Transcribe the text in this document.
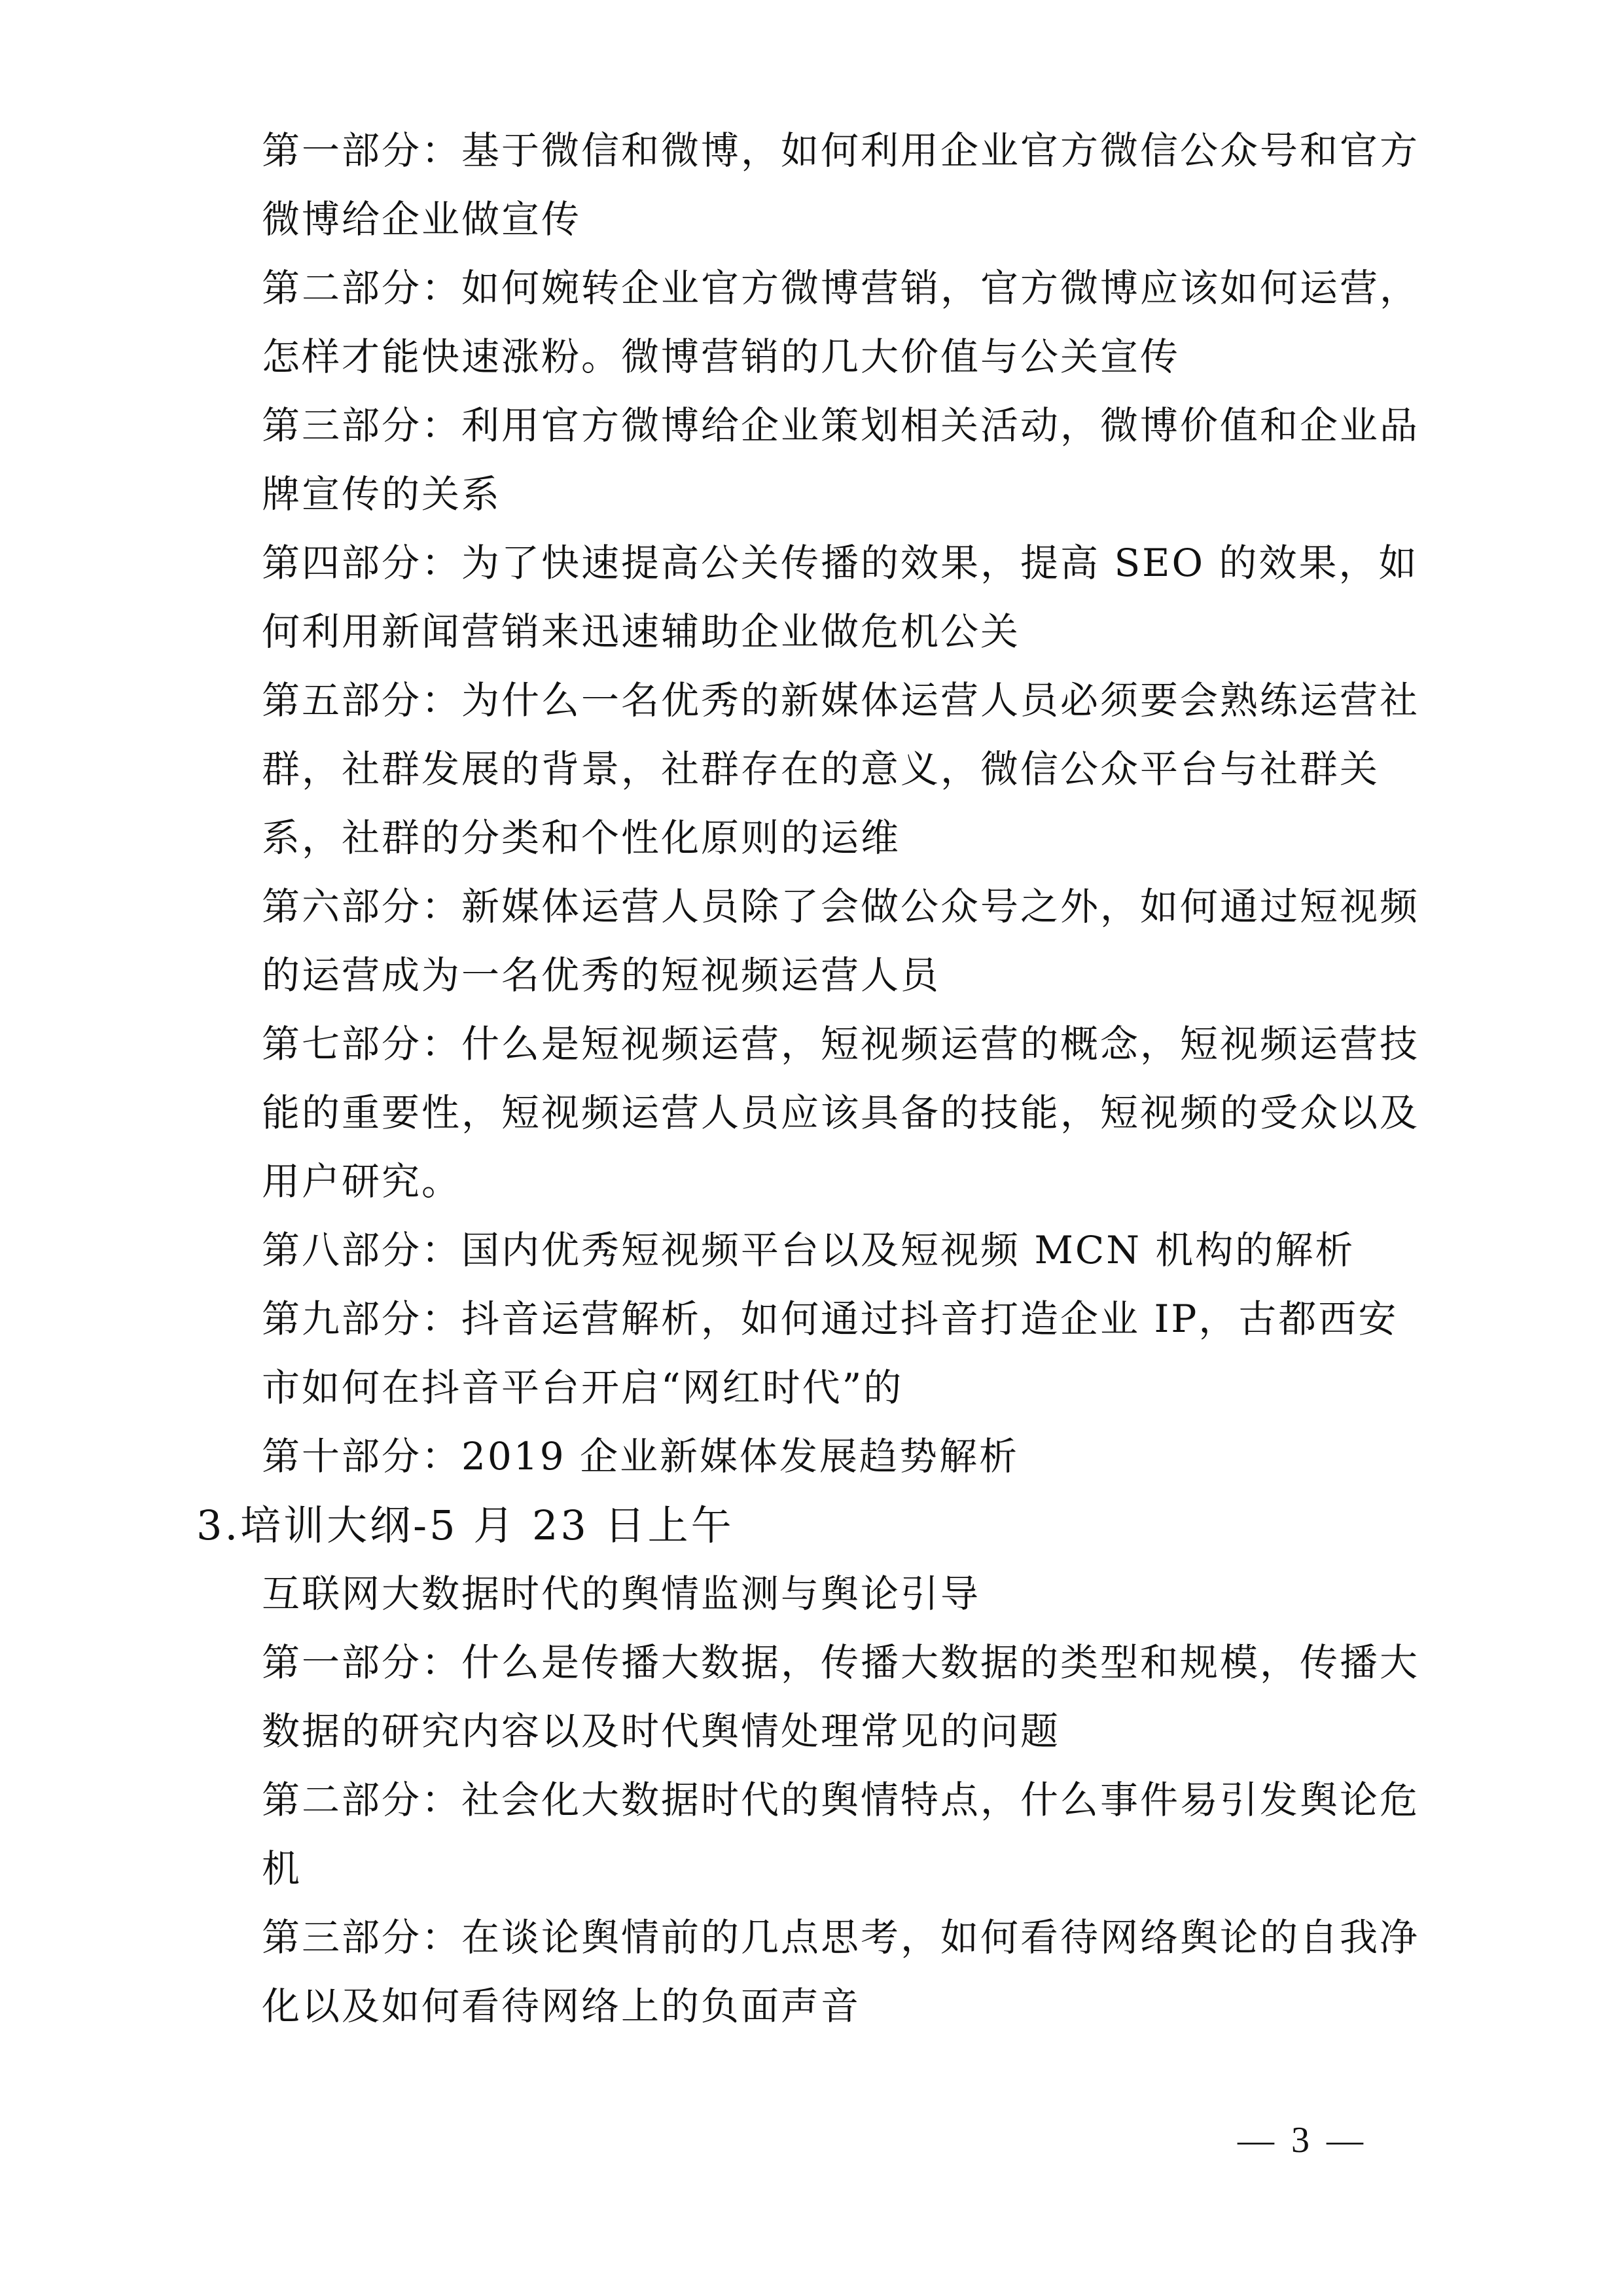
第一部分：基于微信和微博，如何利用企业官方微信公众号和官方微博给企业做宣传

第二部分：如何婉转企业官方微博营销，官方微博应该如何运营，怎样才能快速涨粉。微博营销的几大价值与公关宣传

第三部分：利用官方微博给企业策划相关活动，微博价值和企业品牌宣传的关系

第四部分：为了快速提高公关传播的效果，提高 SEO 的效果，如何利用新闻营销来迅速辅助企业做危机公关

第五部分：为什么一名优秀的新媒体运营人员必须要会熟练运营社群，社群发展的背景，社群存在的意义，微信公众平台与社群关系，社群的分类和个性化原则的运维

第六部分：新媒体运营人员除了会做公众号之外，如何通过短视频的运营成为一名优秀的短视频运营人员

第七部分：什么是短视频运营，短视频运营的概念，短视频运营技能的重要性，短视频运营人员应该具备的技能，短视频的受众以及用户研究。

第八部分：国内优秀短视频平台以及短视频 MCN 机构的解析

第九部分：抖音运营解析，如何通过抖音打造企业 IP，古都西安市如何在抖音平台开启“网红时代”的

第十部分：2019 企业新媒体发展趋势解析

3.培训大纲-5 月 23 日上午

互联网大数据时代的舆情监测与舆论引导

第一部分：什么是传播大数据，传播大数据的类型和规模，传播大数据的研究内容以及时代舆情处理常见的问题

第二部分：社会化大数据时代的舆情特点，什么事件易引发舆论危机

第三部分：在谈论舆情前的几点思考，如何看待网络舆论的自我净化以及如何看待网络上的负面声音

— 3 —
